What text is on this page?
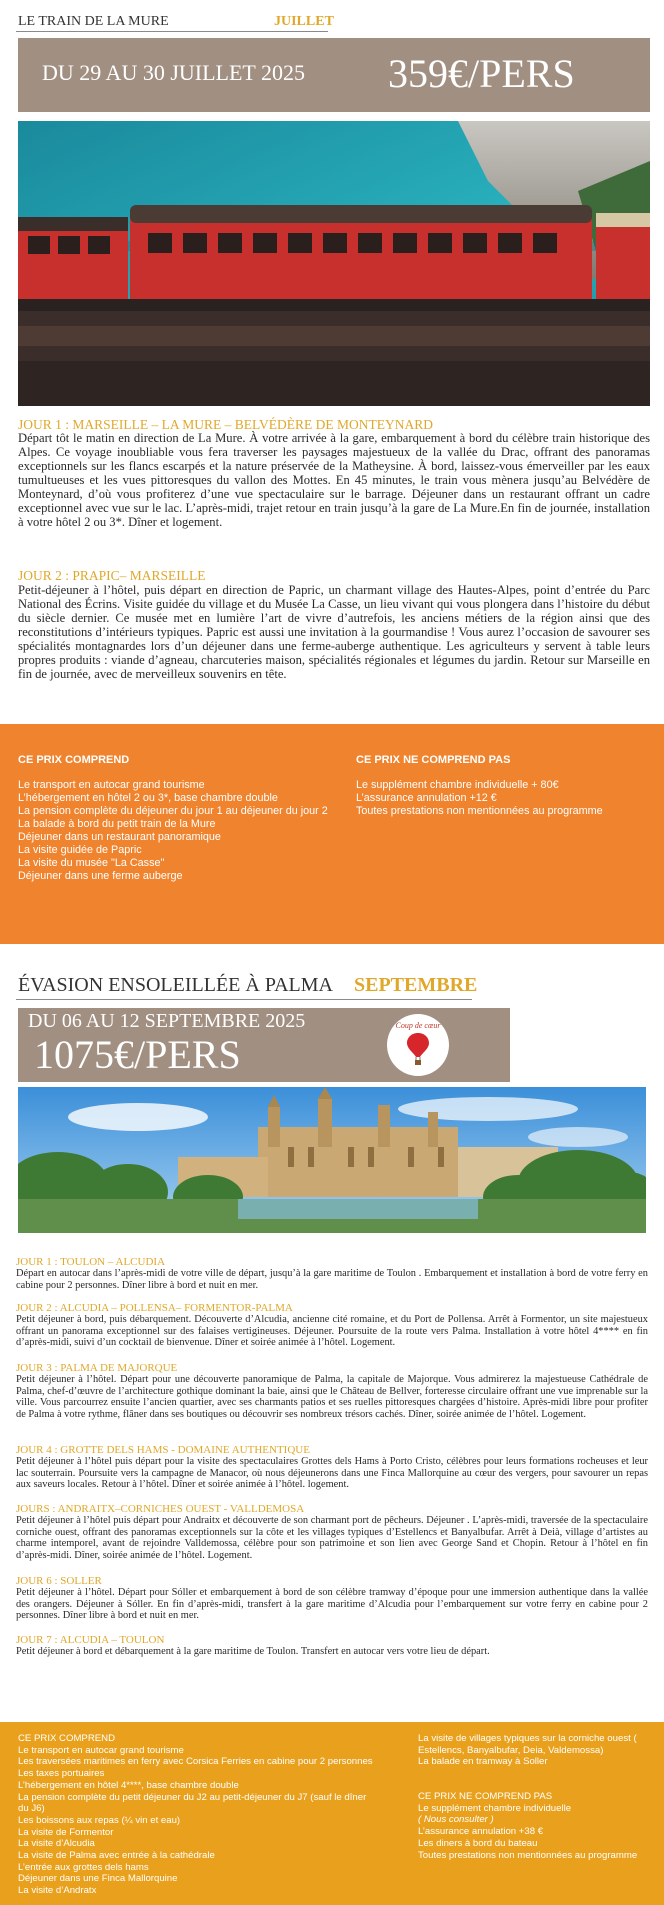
LE TRAIN DE LA MURE	JUILLET
DU 29 AU 30 JUILLET 2025 359€/PERS
JOUR 1 : MARSEILLE – LA MURE – BELVÉDÈRE DE MONTEYNARD

Départ tôt le matin en direction de La Mure. À votre arrivée à la gare, embarquement à bord du célèbre train historique des Alpes. Ce voyage inoubliable vous fera traverser les paysages majestueux de la vallée du Drac, offrant des panoramas exceptionnels sur les flancs escarpés et la nature préservée de la Matheysine. À bord, laissez-vous émerveiller par les eaux tumultueuses et les vues pittoresques du vallon des Mottes. En 45 minutes, le train vous mènera jusqu’au Belvédère de Monteynard, d’où vous profiterez d’une vue spectaculaire sur le barrage. Déjeuner dans un restaurant offrant un cadre exceptionnel avec vue sur le lac. L’après-midi, trajet retour en train jusqu’à la gare de La Mure.En fin de journée, installation à votre hôtel 2 ou 3*. Dîner et logement.

JOUR 2 : PRAPIC– MARSEILLE

Petit-déjeuner à l’hôtel, puis départ en direction de Papric, un charmant village des Hautes-Alpes, point d’entrée du Parc National des Écrins. Visite guidée du village et du Musée La Casse, un lieu vivant qui vous plongera dans l’histoire du début du siècle dernier. Ce musée met en lumière l’art de vivre d’autrefois, les anciens métiers de la région ainsi que des reconstitutions d’intérieurs typiques. Papric est aussi une invitation à la gourmandise ! Vous aurez l’occasion de savourer ses spécialités montagnardes lors d’un déjeuner dans une ferme-auberge authentique. Les agriculteurs y servent à table leurs propres produits : viande d’agneau, charcuteries maison, spécialités régionales et légumes du jardin. Retour sur Marseille en fin de journée, avec de merveilleux souvenirs en tête.

CE PRIX COMPREND
Le transport en autocar grand tourisme
L’hébergement en hôtel 2 ou 3*, base chambre double
La pension complète du déjeuner du jour 1 au déjeuner du jour 2
La balade à bord du petit train de la Mure
Déjeuner dans un restaurant panoramique
La visite guidée de Papric
La visite du musée "La Casse"
Déjeuner dans une ferme auberge
CE PRIX NE COMPREND PAS
Le supplément chambre individuelle + 80€
L’assurance annulation +12 €
Toutes prestations non mentionnées au programme
ÉVASION ENSOLEILLÉE À PALMA SEPTEMBRE
DU 06 AU 12 SEPTEMBRE 2025
1075€/PERS
Coup de cœur
JOUR 1 : TOULON – ALCUDIA

Départ en autocar dans l’après-midi de votre ville de départ, jusqu’à la gare maritime de Toulon . Embarquement et installation à bord de votre ferry en cabine pour 2 personnes. Dîner libre à bord et nuit en mer.

JOUR 2 : ALCUDIA – POLLENSA– FORMENTOR-PALMA

Petit déjeuner à bord, puis débarquement. Découverte d’Alcudia, ancienne cité romaine, et du Port de Pollensa. Arrêt à Formentor, un site majestueux offrant un panorama exceptionnel sur des falaises vertigineuses. Déjeuner. Poursuite de la route vers Palma. Installation à votre hôtel 4**** en fin d’après-midi, suivi d’un cocktail de bienvenue. Dîner et soirée animée à l’hôtel. Logement.

JOUR 3 : PALMA DE MAJORQUE

Petit déjeuner à l’hôtel. Départ pour une découverte panoramique de Palma, la capitale de Majorque. Vous admirerez la majestueuse Cathédrale de Palma, chef-d’œuvre de l’architecture gothique dominant la baie, ainsi que le Château de Bellver, forteresse circulaire offrant une vue imprenable sur la ville. Vous parcourrez ensuite l’ancien quartier, avec ses charmants patios et ses ruelles pittoresques chargées d’histoire. Après-midi libre pour profiter de Palma à votre rythme, flâner dans ses boutiques ou découvrir ses nombreux trésors cachés. Dîner, soirée animée de l’hôtel. Logement.

JOUR 4 : GROTTE DELS HAMS - DOMAINE AUTHENTIQUE

Petit déjeuner à l’hôtel puis départ pour la visite des spectaculaires Grottes dels Hams à Porto Cristo, célèbres pour leurs formations rocheuses et leur lac souterrain. Poursuite vers la campagne de Manacor, où nous déjeunerons dans une Finca Mallorquine au cœur des vergers, pour savourer un repas aux saveurs locales. Retour à l’hôtel. Dîner et soirée animée à l’hôtel. logement.

JOURS : ANDRAITX–CORNICHES OUEST - VALLDEMOSA

Petit déjeuner à l’hôtel puis départ pour Andraitx et découverte de son charmant port de pêcheurs. Déjeuner . L’après-midi, traversée de la spectaculaire corniche ouest, offrant des panoramas exceptionnels sur la côte et les villages typiques d’Estellencs et Banyalbufar. Arrêt à Deià, village d’artistes au charme intemporel, avant de rejoindre Valldemossa, célèbre pour son patrimoine et son lien avec George Sand et Chopin. Retour à l’hôtel en fin d’après-midi. Dîner, soirée animée de l’hôtel. Logement.

JOUR 6 : SOLLER

Petit déjeuner à l’hôtel. Départ pour Sóller et embarquement à bord de son célèbre tramway d’époque pour une immersion authentique dans la vallée des orangers. Déjeuner à Sóller. En fin d’après-midi, transfert à la gare maritime d’Alcudia pour l’embarquement sur votre ferry en cabine pour 2 personnes. Dîner libre à bord et nuit en mer.

JOUR 7 : ALCUDIA – TOULON

Petit déjeuner à bord et débarquement à la gare maritime de Toulon. Transfert en autocar vers votre lieu de départ.

CE PRIX COMPREND
Le transport en autocar grand tourisme
Les traversées maritimes en ferry avec Corsica Ferries en cabine pour 2 personnes
Les taxes portuaires
L’hébergement en hôtel 4****, base chambre double
La pension complète du petit déjeuner du J2 au petit-déjeuner du J7 (sauf le dîner du J6)
Les boissons aux repas (¼ vin et eau)
La visite de Formentor
La visite d’Alcudia
La visite de Palma avec entrée à la cathédrale
L’entrée aux grottes dels hams
Déjeuner dans une Finca Mallorquine
La visite d’Andratx
La visite de villages typiques sur la corniche ouest ( Estellencs, Banyalbufar, Deia, Valdemossa)
La balade en tramway à Soller
CE PRIX NE COMPREND PAS
Le supplément chambre individuelle
( Nous consulter )
L’assurance annulation +38 €
Les diners à bord du bateau
Toutes prestations non mentionnées au programme
